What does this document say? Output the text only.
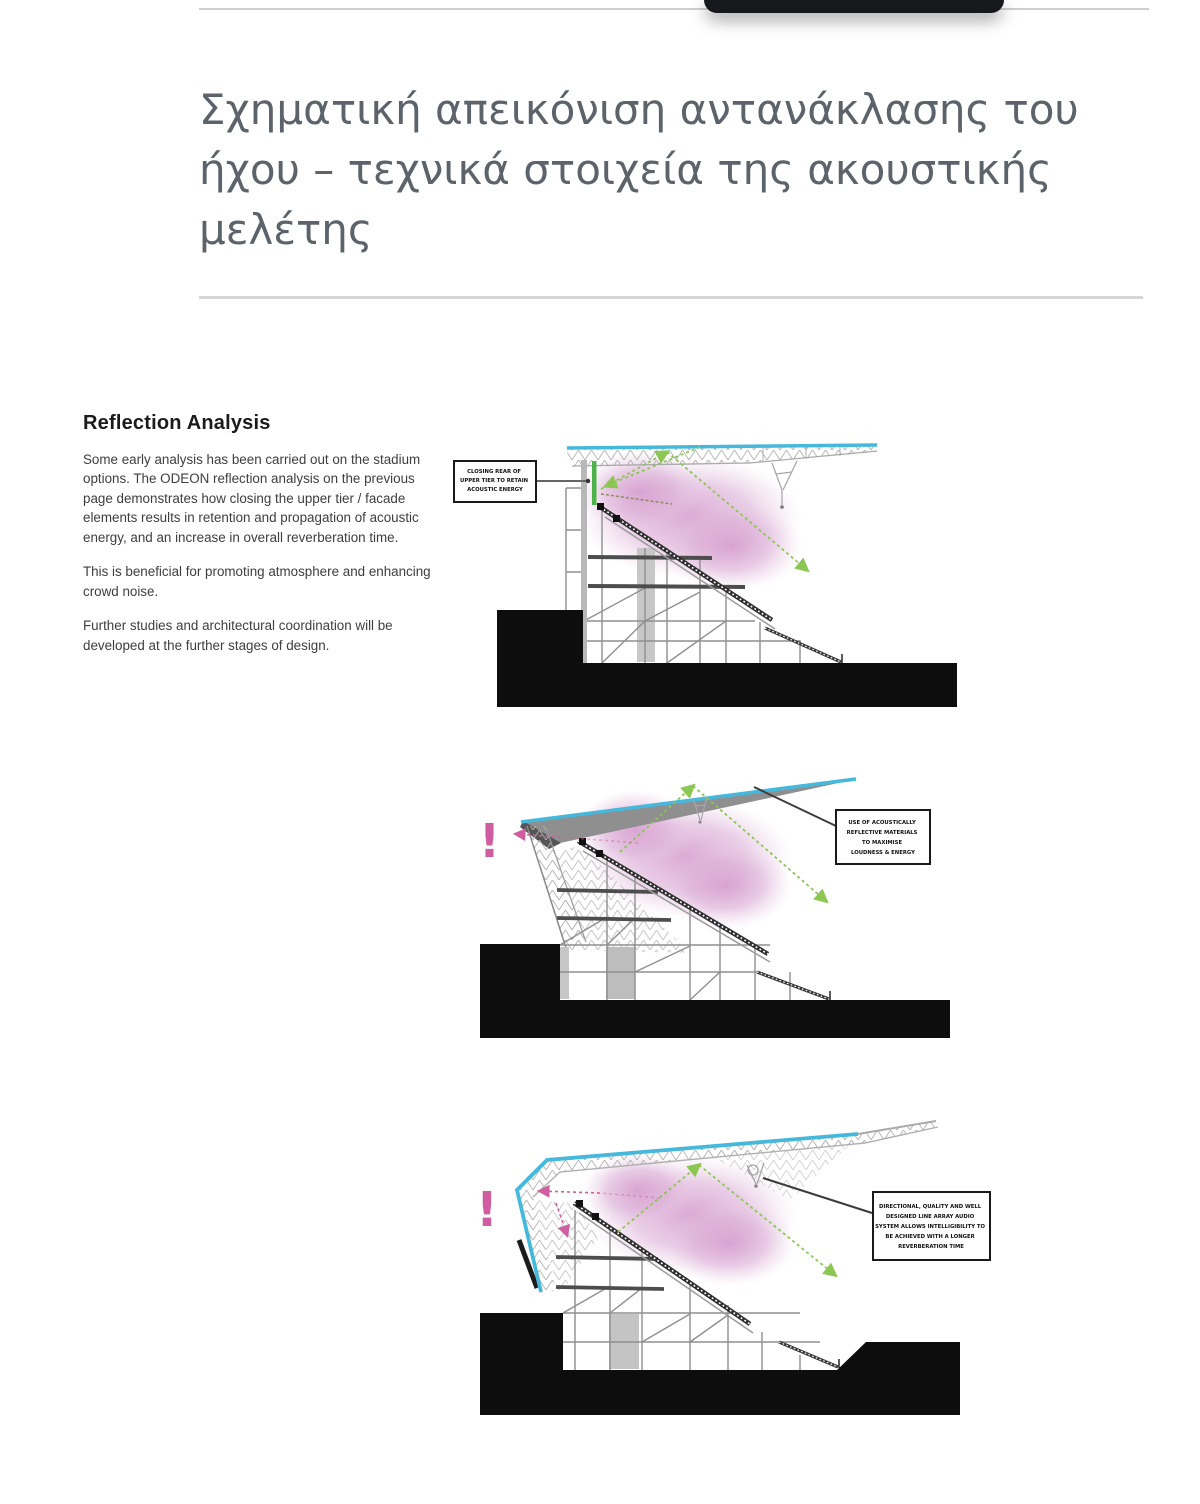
Σχηματική απεικόνιση αντανάκλασης του ήχου – τεχνικά στοιχεία της ακουστικής μελέτης
Reflection Analysis

Some early analysis has been carried out on the stadium options. The ODEON reflection analysis on the previous page demonstrates how closing the upper tier / facade elements results in retention and propagation of acoustic energy, and an increase in overall reverberation time.

This is beneficial for promoting atmosphere and enhancing crowd noise.

Further studies and architectural coordination will be developed at the further stages of design.

CLOSING REAR OF UPPER TIER TO RETAIN ACOUSTIC ENERGY
!	USE OF ACOUSTICALLY REFLECTIVE MATERIALS TO MAXIMISE LOUDNESS & ENERGY
!	DIRECTIONAL, QUALITY AND WELL DESIGNED LINE ARRAY AUDIO SYSTEM ALLOWS INTELLIGIBILITY TO BE ACHIEVED WITH A LONGER REVERBERATION TIME
